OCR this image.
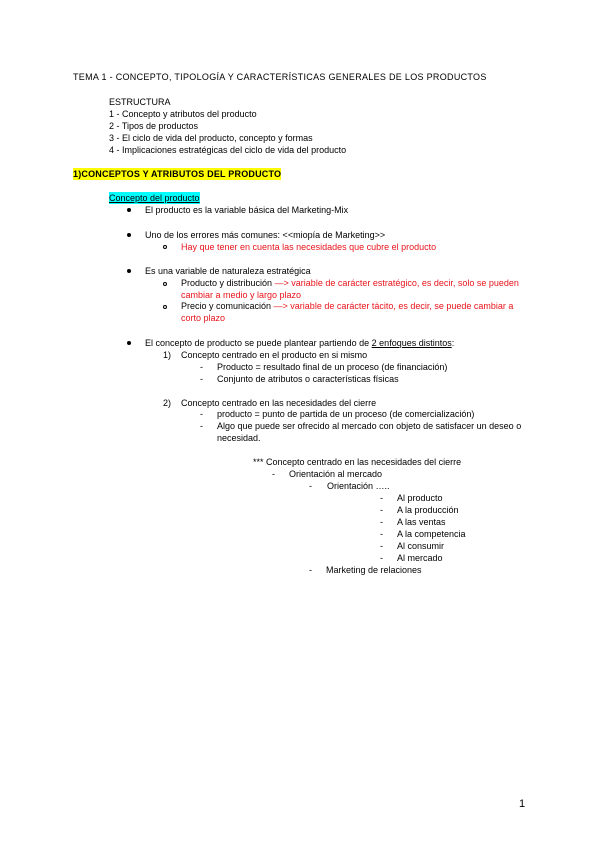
TEMA 1 - CONCEPTO, TIPOLOGÍA Y CARACTERÍSTICAS GENERALES DE LOS PRODUCTOS
ESTRUCTURA
1 - Concepto y atributos del producto
2 - Tipos de productos
3 - El ciclo de vida del producto, concepto y formas
4 - Implicaciones estratégicas del ciclo de vida del producto
1)CONCEPTOS Y ATRIBUTOS DEL PRODUCTO
Concepto del producto
El producto es la variable básica del Marketing-Mix
Uno de los errores más comunes: <<miopía de Marketing>>
Hay que tener en cuenta las necesidades que cubre el producto
Es una variable de naturaleza estratégica
Producto y distribución —> variable de carácter estratégico, es decir, solo se pueden
cambiar a medio y largo plazo
Precio y comunicación —> variable de carácter tácito, es decir, se puede cambiar a
corto plazo
El concepto de producto se puede plantear partiendo de 2 enfoques distintos:
1) Concepto centrado en el producto en si mismo
- Producto = resultado final de un proceso (de financiación)
- Conjunto de atributos o características físicas
2) Concepto centrado en las necesidades del cierre
- producto = punto de partida de un proceso (de comercialización)
- Algo que puede ser ofrecido al mercado con objeto de satisfacer un deseo o
necesidad.
*** Concepto centrado en las necesidades del cierre
- Orientación al mercado
- Orientación …..
- Al producto
- A la producción
- A las ventas
- A la competencia
- Al consumir
- Al mercado
- Marketing de relaciones
1
